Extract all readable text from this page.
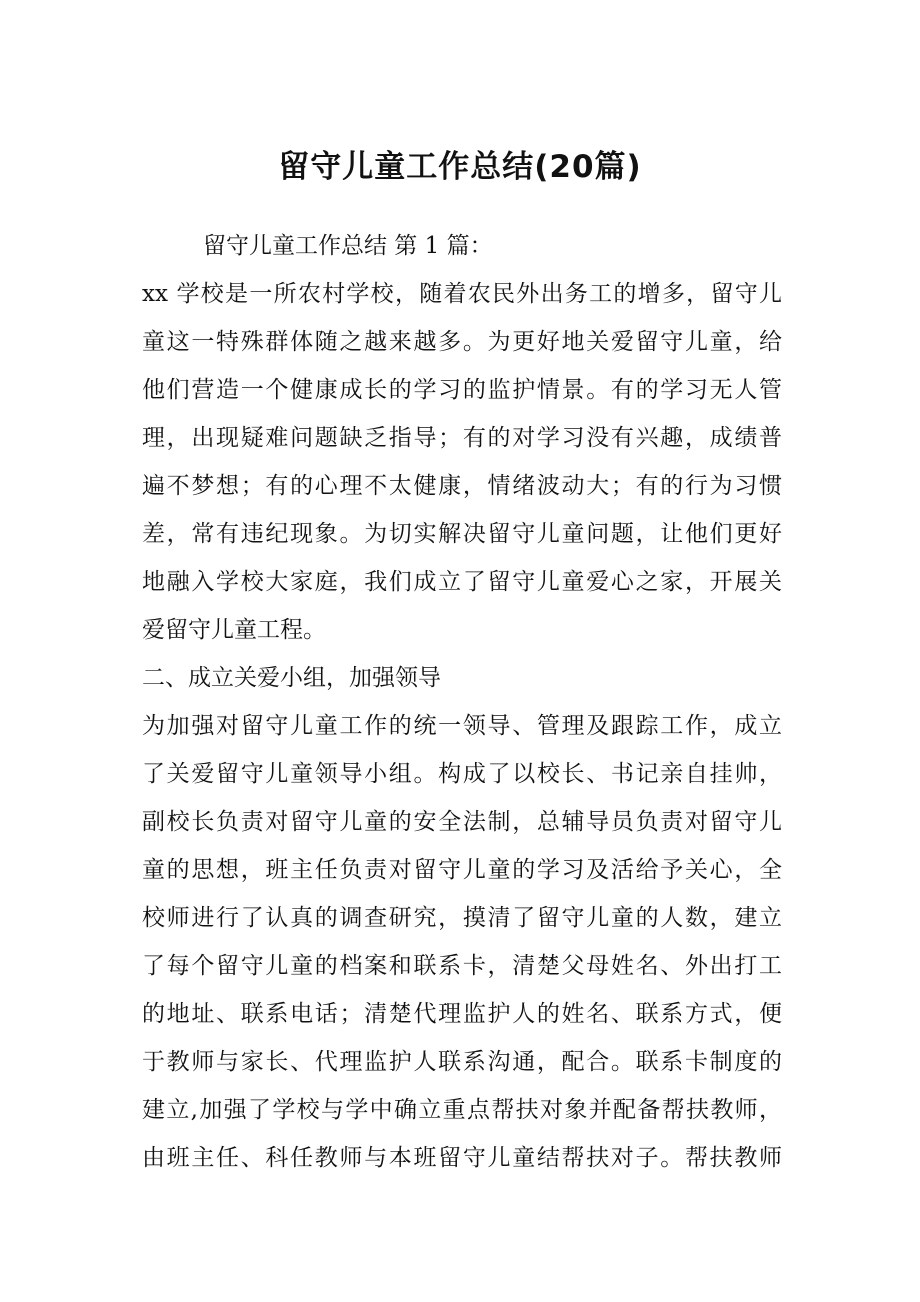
留守儿童工作总结(20篇)

留守儿童工作总结 第 1 篇：

xx 学校是一所农村学校，随着农民外出务工的增多，留守儿

童这一特殊群体随之越来越多。为更好地关爱留守儿童，给

他们营造一个健康成长的学习的监护情景。有的学习无人管

理，出现疑难问题缺乏指导；有的对学习没有兴趣，成绩普

遍不梦想；有的心理不太健康，情绪波动大；有的行为习惯

差，常有违纪现象。为切实解决留守儿童问题，让他们更好

地融入学校大家庭，我们成立了留守儿童爱心之家，开展关

爱留守儿童工程。

二、成立关爱小组，加强领导

为加强对留守儿童工作的统一领导、管理及跟踪工作，成立

了关爱留守儿童领导小组。构成了以校长、书记亲自挂帅，

副校长负责对留守儿童的安全法制，总辅导员负责对留守儿

童的思想，班主任负责对留守儿童的学习及活给予关心，全

校师进行了认真的调查研究，摸清了留守儿童的人数，建立

了每个留守儿童的档案和联系卡，清楚父母姓名、外出打工

的地址、联系电话；清楚代理监护人的姓名、联系方式，便

于教师与家长、代理监护人联系沟通，配合。联系卡制度的

建立,加强了学校与学中确立重点帮扶对象并配备帮扶教师，

由班主任、科任教师与本班留守儿童结帮扶对子。帮扶教师
